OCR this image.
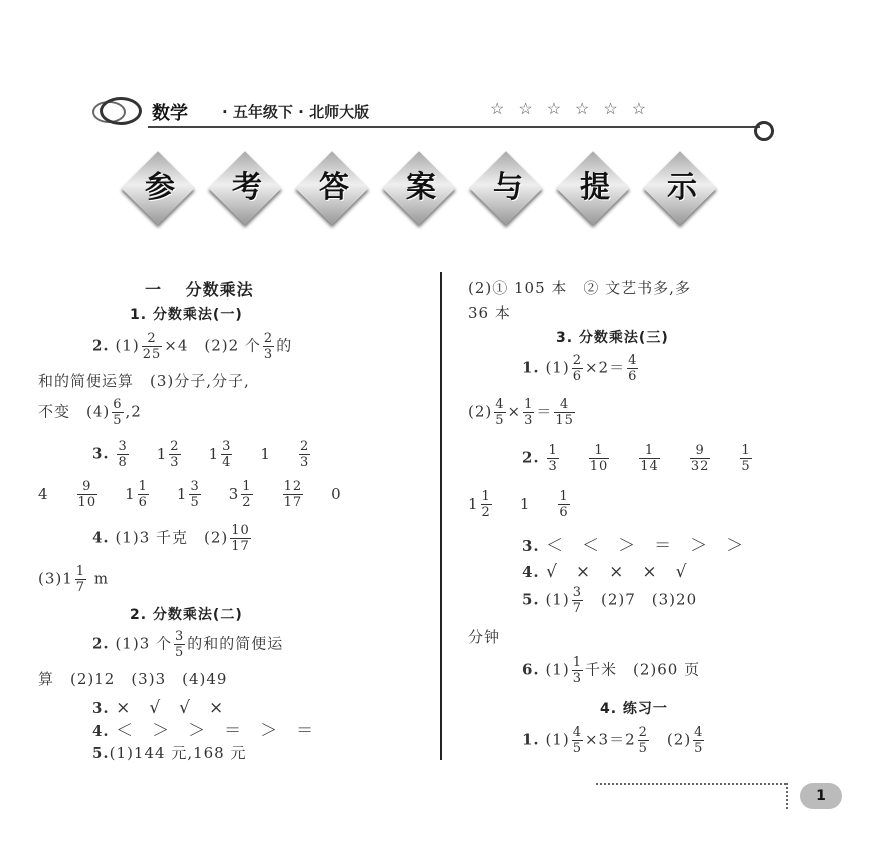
数学 · 五年级下 · 北师大版	☆☆☆☆☆☆
参	考	答	案	与	提	示
一　 分数乘法
1. 分数乘法(一)
2. $(1) \frac{2}{25} \times 4$　(2)2 个 $\frac{2}{3}$ 的
和的简便运算　(3)分子,分子,
不变　$(4) \frac{6}{5} ,2$
3. $\frac{3}{8} 1 \frac{2}{3} 1 \frac{3}{4} 1 \frac{2}{3}$
$4 \frac{9}{10} 1 \frac{1}{6} 1 \frac{3}{5} 3 \frac{1}{2} \frac{12}{17} 0$
4. (1)3 千克　$(2) \frac{10}{17}$
$(3)1 \frac{1}{7}$ m
2. 分数乘法(二)
2. (1)3 个 $\frac{3}{5}$ 的和的简便运
算　(2)12　(3)3　(4)49
3. ×　√　√　×
4. ＜　＞　＞　＝　＞　＝
5.(1)144 元,168 元
(2)① 105 本　② 文艺书多,多
36 本
3. 分数乘法(三)
1. $(1) \frac{2}{6} \times 2= \frac{4}{6}$
$(2) \frac{4}{5} \times \frac{1}{3} = \frac{4}{15}$
2. $\frac{1}{3} \frac{1}{10} \frac{1}{14} \frac{9}{32} \frac{1}{5}$
$1 \frac{1}{2} 1 \frac{1}{6}$
3. ＜　＜　＞　＝　＞　＞
4. √　×　×　×　√
5. $(1) \frac{3}{7}$ 　(2)7　(3)20
分钟
6. $(1) \frac{1}{3}$ 千米　(2)60 页
4. 练习一
1. $(1) \frac{4}{5} \times 3=2 \frac{2}{5}$ 　$(2) \frac{4}{5}$
1
